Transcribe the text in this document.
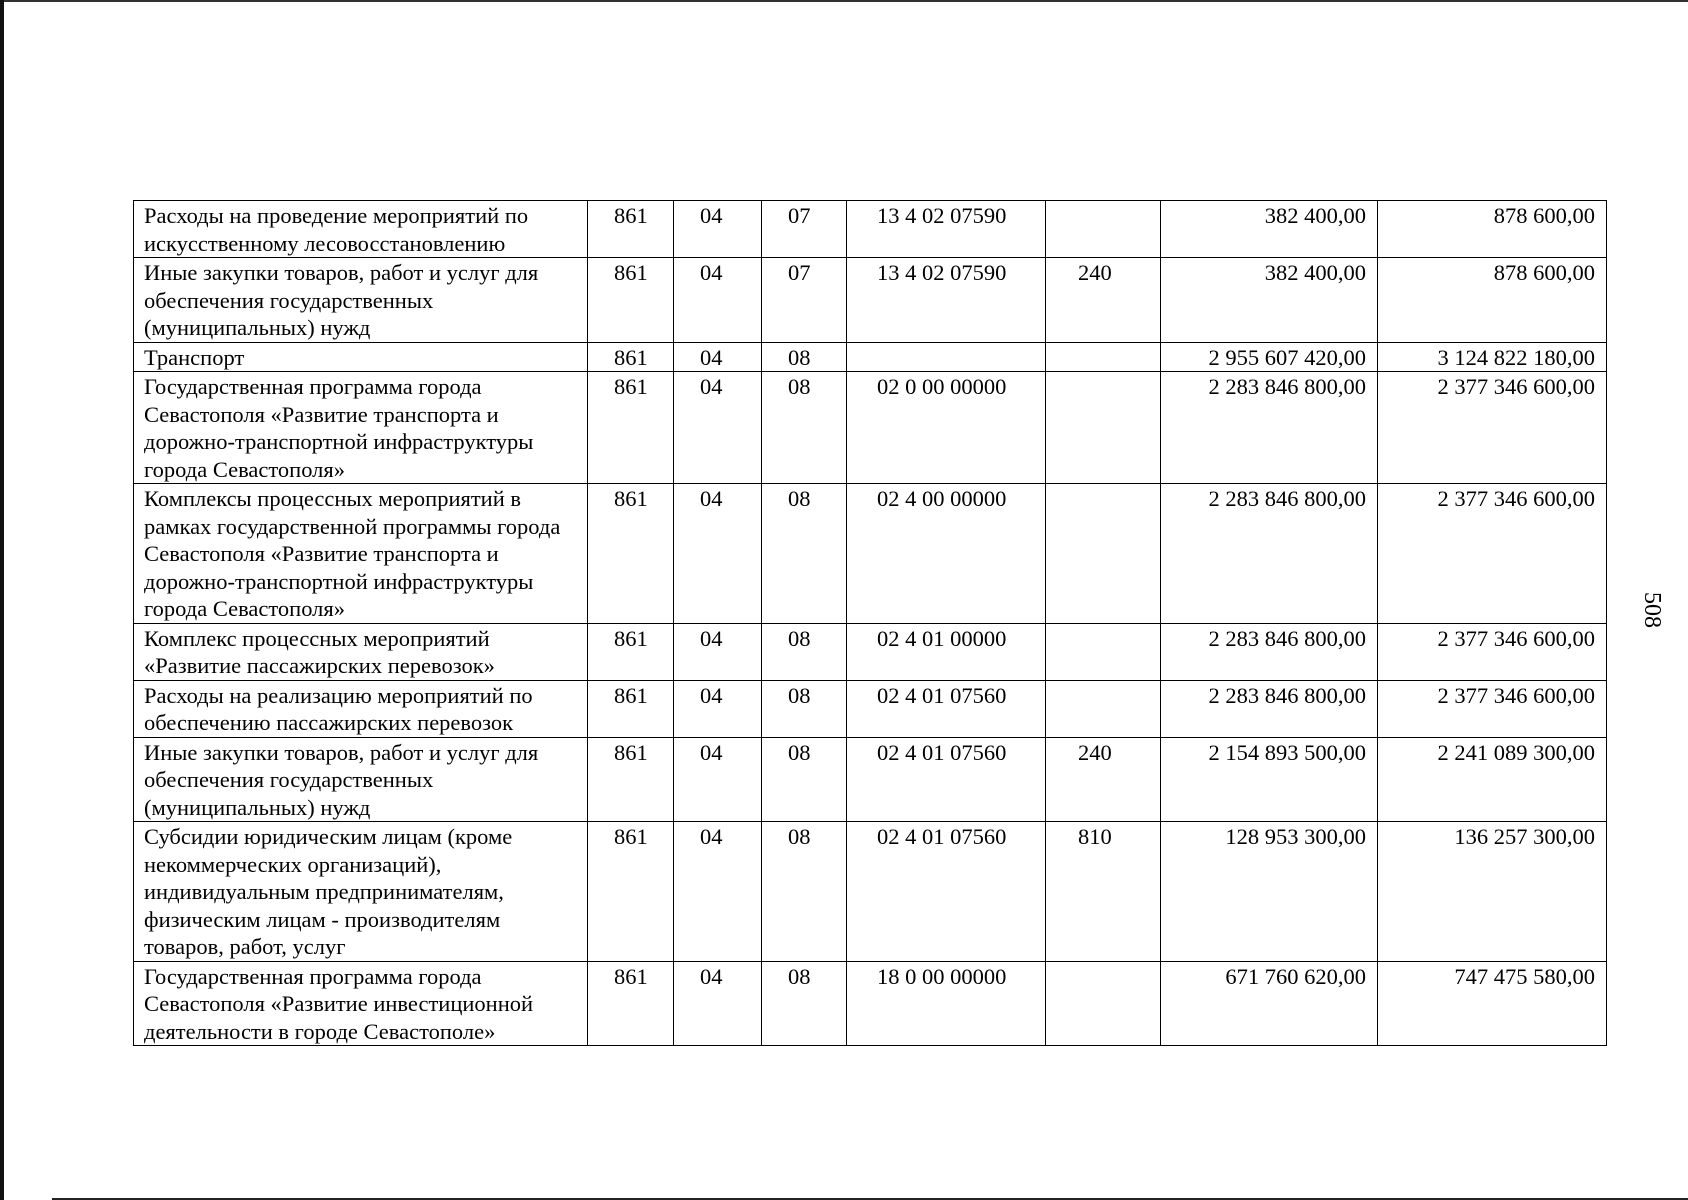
508
Расходы на проведение мероприятий по искусственному лесовосстановлению	861	04	07	13 4 02 07590		382 400,00	878 600,00
Иные закупки товаров, работ и услуг для обеспечения государственных (муниципальных) нужд	861	04	07	13 4 02 07590	240	382 400,00	878 600,00
Транспорт	861	04	08			2 955 607 420,00	3 124 822 180,00
Государственная программа города Севастополя «Развитие транспорта и дорожно-транспортной инфраструктуры города Севастополя»	861	04	08	02 0 00 00000		2 283 846 800,00	2 377 346 600,00
Комплексы процессных мероприятий в рамках государственной программы города Севастополя «Развитие транспорта и дорожно-транспортной инфраструктуры города Севастополя»	861	04	08	02 4 00 00000		2 283 846 800,00	2 377 346 600,00
Комплекс процессных мероприятий «Развитие пассажирских перевозок»	861	04	08	02 4 01 00000		2 283 846 800,00	2 377 346 600,00
Расходы на реализацию мероприятий по обеспечению пассажирских перевозок	861	04	08	02 4 01 07560		2 283 846 800,00	2 377 346 600,00
Иные закупки товаров, работ и услуг для обеспечения государственных (муниципальных) нужд	861	04	08	02 4 01 07560	240	2 154 893 500,00	2 241 089 300,00
Субсидии юридическим лицам (кроме некоммерческих организаций), индивидуальным предпринимателям, физическим лицам - производителям товаров, работ, услуг	861	04	08	02 4 01 07560	810	128 953 300,00	136 257 300,00
Государственная программа города Севастополя «Развитие инвестиционной деятельности в городе Севастополе»	861	04	08	18 0 00 00000		671 760 620,00	747 475 580,00
